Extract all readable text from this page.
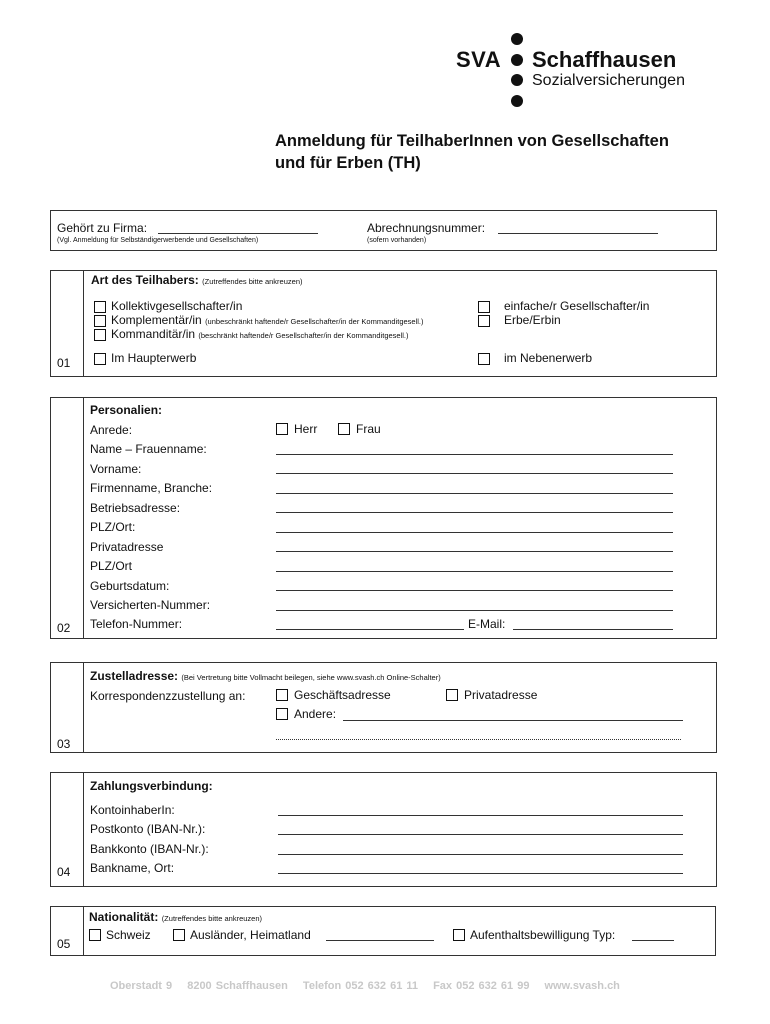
SVA Schaffhausen
Sozialversicherungen
Anmeldung für TeilhaberInnen von Gesellschaften
und für Erben (TH)
Gehört zu Firma:
(Vgl. Anmeldung für Selbständigerwerbende und Gesellschaften)
Abrechnungsnummer:
(sofern vorhanden)
01
Art des Teilhabers: (Zutreffendes bitte ankreuzen)
Kollektivgesellschafter/in
Komplementär/in (unbeschränkt haftende/r Gesellschafter/in der Kommanditgesell.)
Kommanditär/in (beschränkt haftende/r Gesellschafter/in der Kommanditgesell.)
einfache/r Gesellschafter/in
Erbe/Erbin
Im Haupterwerb	im Nebenerwerb
02
Personalien:
Anrede:	Herr	Frau
Name – Frauenname:
Vorname:
Firmenname, Branche:
Betriebsadresse:
PLZ/Ort:
Privatadresse
PLZ/Ort
Geburtsdatum:
Versicherten-Nummer:
Telefon-Nummer:	E-Mail:
03
Zustelladresse: (Bei Vertretung bitte Vollmacht beilegen, siehe www.svash.ch Online-Schalter)
Korrespondenzzustellung an:	Geschäftsadresse	Privatadresse
Andere:
04
Zahlungsverbindung:
KontoinhaberIn:
Postkonto (IBAN-Nr.):
Bankkonto (IBAN-Nr.):
Bankname, Ort:
05
Nationalität: (Zutreffendes bitte ankreuzen)
Schweiz	Ausländer, Heimatland	Aufenthaltsbewilligung Typ:
Oberstadt 9 8200 Schaffhausen Telefon 052 632 61 11 Fax 052 632 61 99 www.svash.ch
